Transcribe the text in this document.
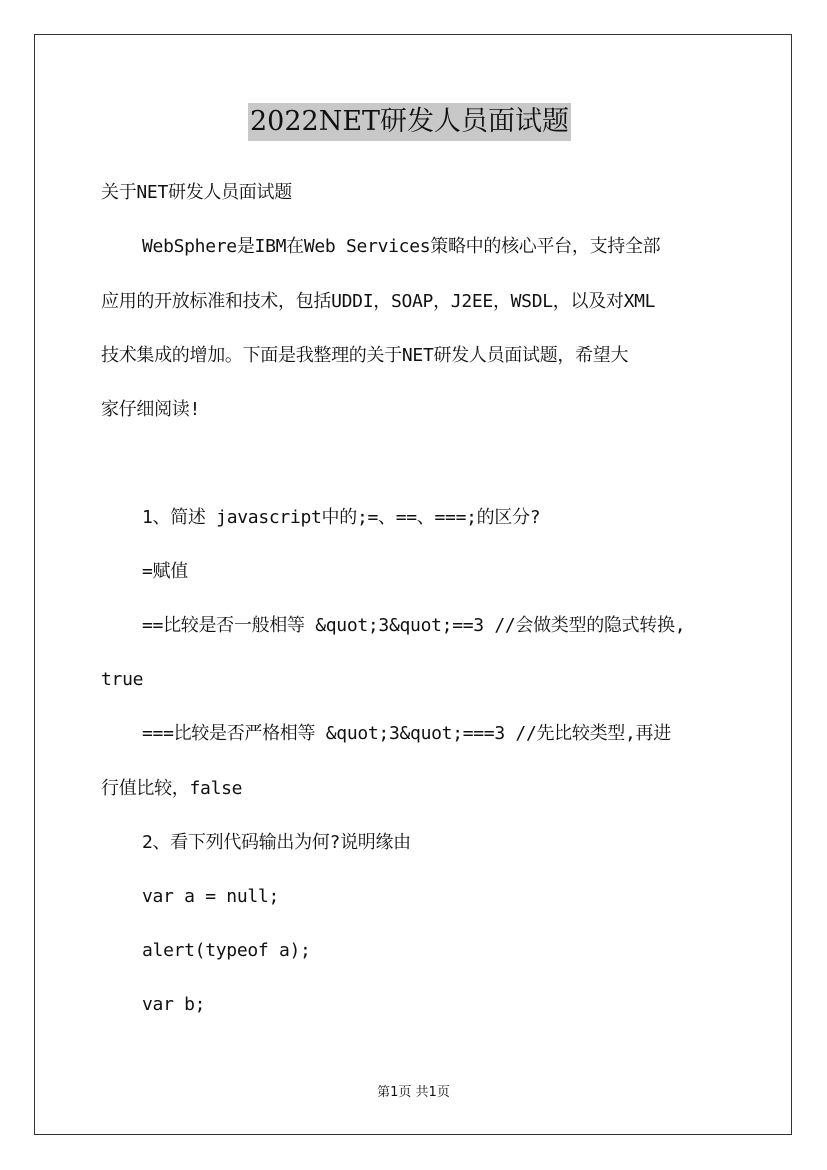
2022NET研发人员面试题
关于NET研发人员面试题
WebSphere是IBM在Web Services策略中的核心平台，支持全部
应用的开放标准和技术，包括UDDI，SOAP，J2EE，WSDL，以及对XML
技术集成的增加。下面是我整理的关于NET研发人员面试题，希望大
家仔细阅读!
1、简述 javascript中的;=、==、===;的区分?
=赋值
==比较是否一般相等 &quot;3&quot;==3 //会做类型的隐式转换,
true
===比较是否严格相等 &quot;3&quot;===3 //先比较类型,再进
行值比较，false
2、看下列代码输出为何?说明缘由
var a = null;
alert(typeof a);
var b;
第1页 共1页
